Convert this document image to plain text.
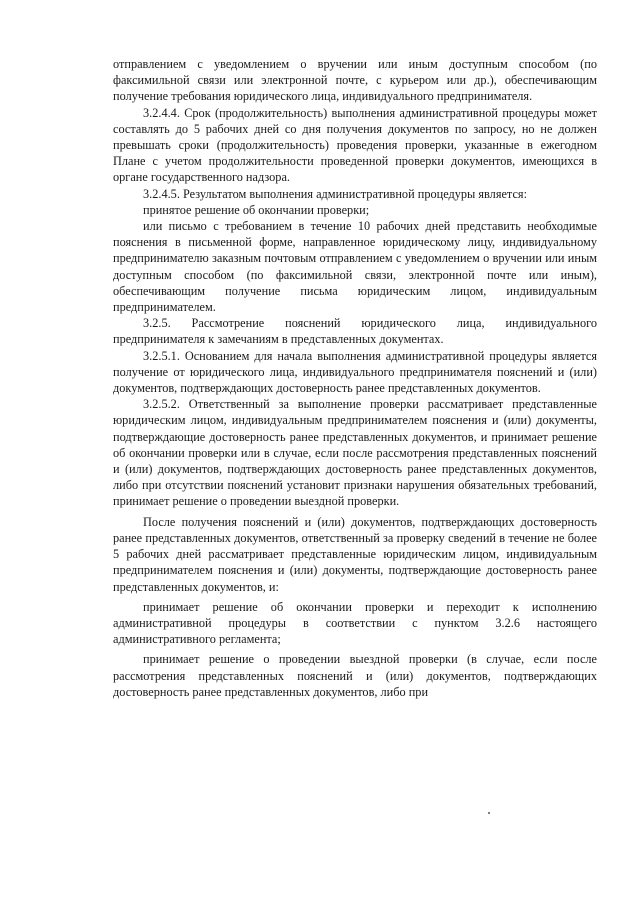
отправлением с уведомлением о вручении или иным доступным способом (по факсимильной связи или электронной почте, с курьером или др.), обеспечивающим получение требования юридического лица, индивидуального предпринимателя.

3.2.4.4. Срок (продолжительность) выполнения административной процедуры может составлять до 5 рабочих дней со дня получения документов по запросу, но не должен превышать сроки (продолжительность) проведения проверки, указанные в ежегодном Плане с учетом продолжительности проведенной проверки документов, имеющихся в органе государственного надзора.

3.2.4.5. Результатом выполнения административной процедуры является:

принятое решение об окончании проверки;

или письмо с требованием в течение 10 рабочих дней представить необходимые пояснения в письменной форме, направленное юридическому лицу, индивидуальному предпринимателю заказным почтовым отправлением с уведомлением о вручении или иным доступным способом (по факсимильной связи, электронной почте или иным), обеспечивающим получение письма юридическим лицом, индивидуальным предпринимателем.

3.2.5. Рассмотрение пояснений юридического лица, индивидуального предпринимателя к замечаниям в представленных документах.

3.2.5.1. Основанием для начала выполнения административной процедуры является получение от юридического лица, индивидуального предпринимателя пояснений и (или) документов, подтверждающих достоверность ранее представленных документов.

3.2.5.2. Ответственный за выполнение проверки рассматривает представленные юридическим лицом, индивидуальным предпринимателем пояснения и (или) документы, подтверждающие достоверность ранее представленных документов, и принимает решение об окончании проверки или в случае, если после рассмотрения представленных пояснений и (или) документов, подтверждающих достоверность ранее представленных документов, либо при отсутствии пояснений установит признаки нарушения обязательных требований, принимает решение о проведении выездной проверки.

После получения пояснений и (или) документов, подтверждающих достоверность ранее представленных документов, ответственный за проверку сведений в течение не более 5 рабочих дней рассматривает представленные юридическим лицом, индивидуальным предпринимателем пояснения и (или) документы, подтверждающие достоверность ранее представленных документов, и:

принимает решение об окончании проверки и переходит к исполнению административной процедуры в соответствии с пунктом 3.2.6 настоящего административного регламента;

принимает решение о проведении выездной проверки (в случае, если после рассмотрения представленных пояснений и (или) документов, подтверждающих достоверность ранее представленных документов, либо при
